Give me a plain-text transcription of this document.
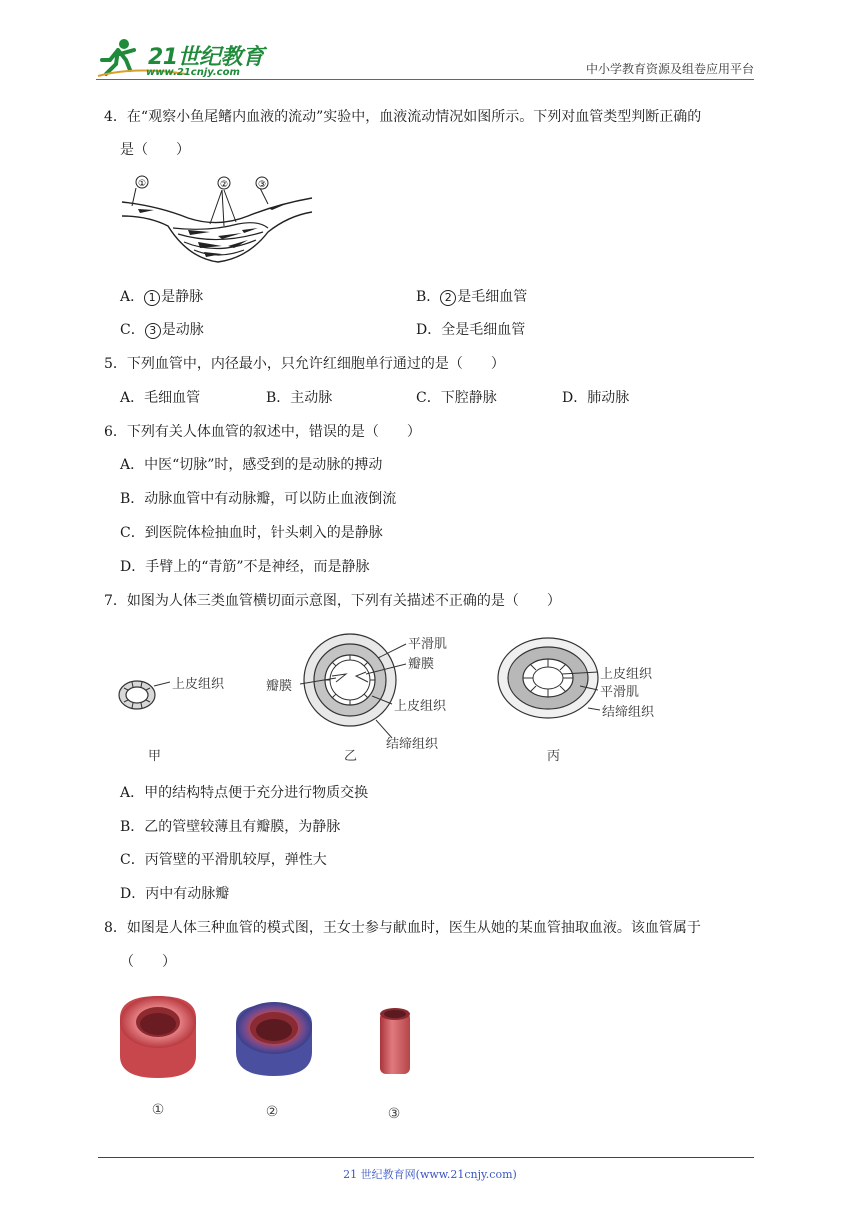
21世纪教育
www.21cnjy.com	中小学教育资源及组卷应用平台
4．在“观察小鱼尾鳍内血液的流动”实验中，血液流动情况如图所示。下列对血管类型判断正确的
是（　　）
①	②	③
A． 1 是静脉	B． 2 是毛细血管
C． 3 是动脉	D．全是毛细血管
5．下列血管中，内径最小，只允许红细胞单行通过的是（　　）
A．毛细血管	B．主动脉	C．下腔静脉	D．肺动脉
6．下列有关人体血管的叙述中，错误的是（　　）
A．中医“切脉”时，感受到的是动脉的搏动
B．动脉血管中有动脉瓣，可以防止血液倒流
C．到医院体检抽血时，针头刺入的是静脉
D．手臂上的“青筋”不是神经，而是静脉
7．如图为人体三类血管横切面示意图，下列有关描述不正确的是（　　）
上皮组织
甲
平滑肌
瓣膜
瓣膜
上皮组织
结缔组织
乙
上皮组织
平滑肌
结缔组织
丙
A．甲的结构特点便于充分进行物质交换
B．乙的管壁较薄且有瓣膜，为静脉
C．丙管壁的平滑肌较厚，弹性大
D．丙中有动脉瓣
8．如图是人体三种血管的模式图，王女士参与献血时，医生从她的某血管抽取血液。该血管属于
（　　）
①	②	③
21 世纪教育网(www.21cnjy.com)
